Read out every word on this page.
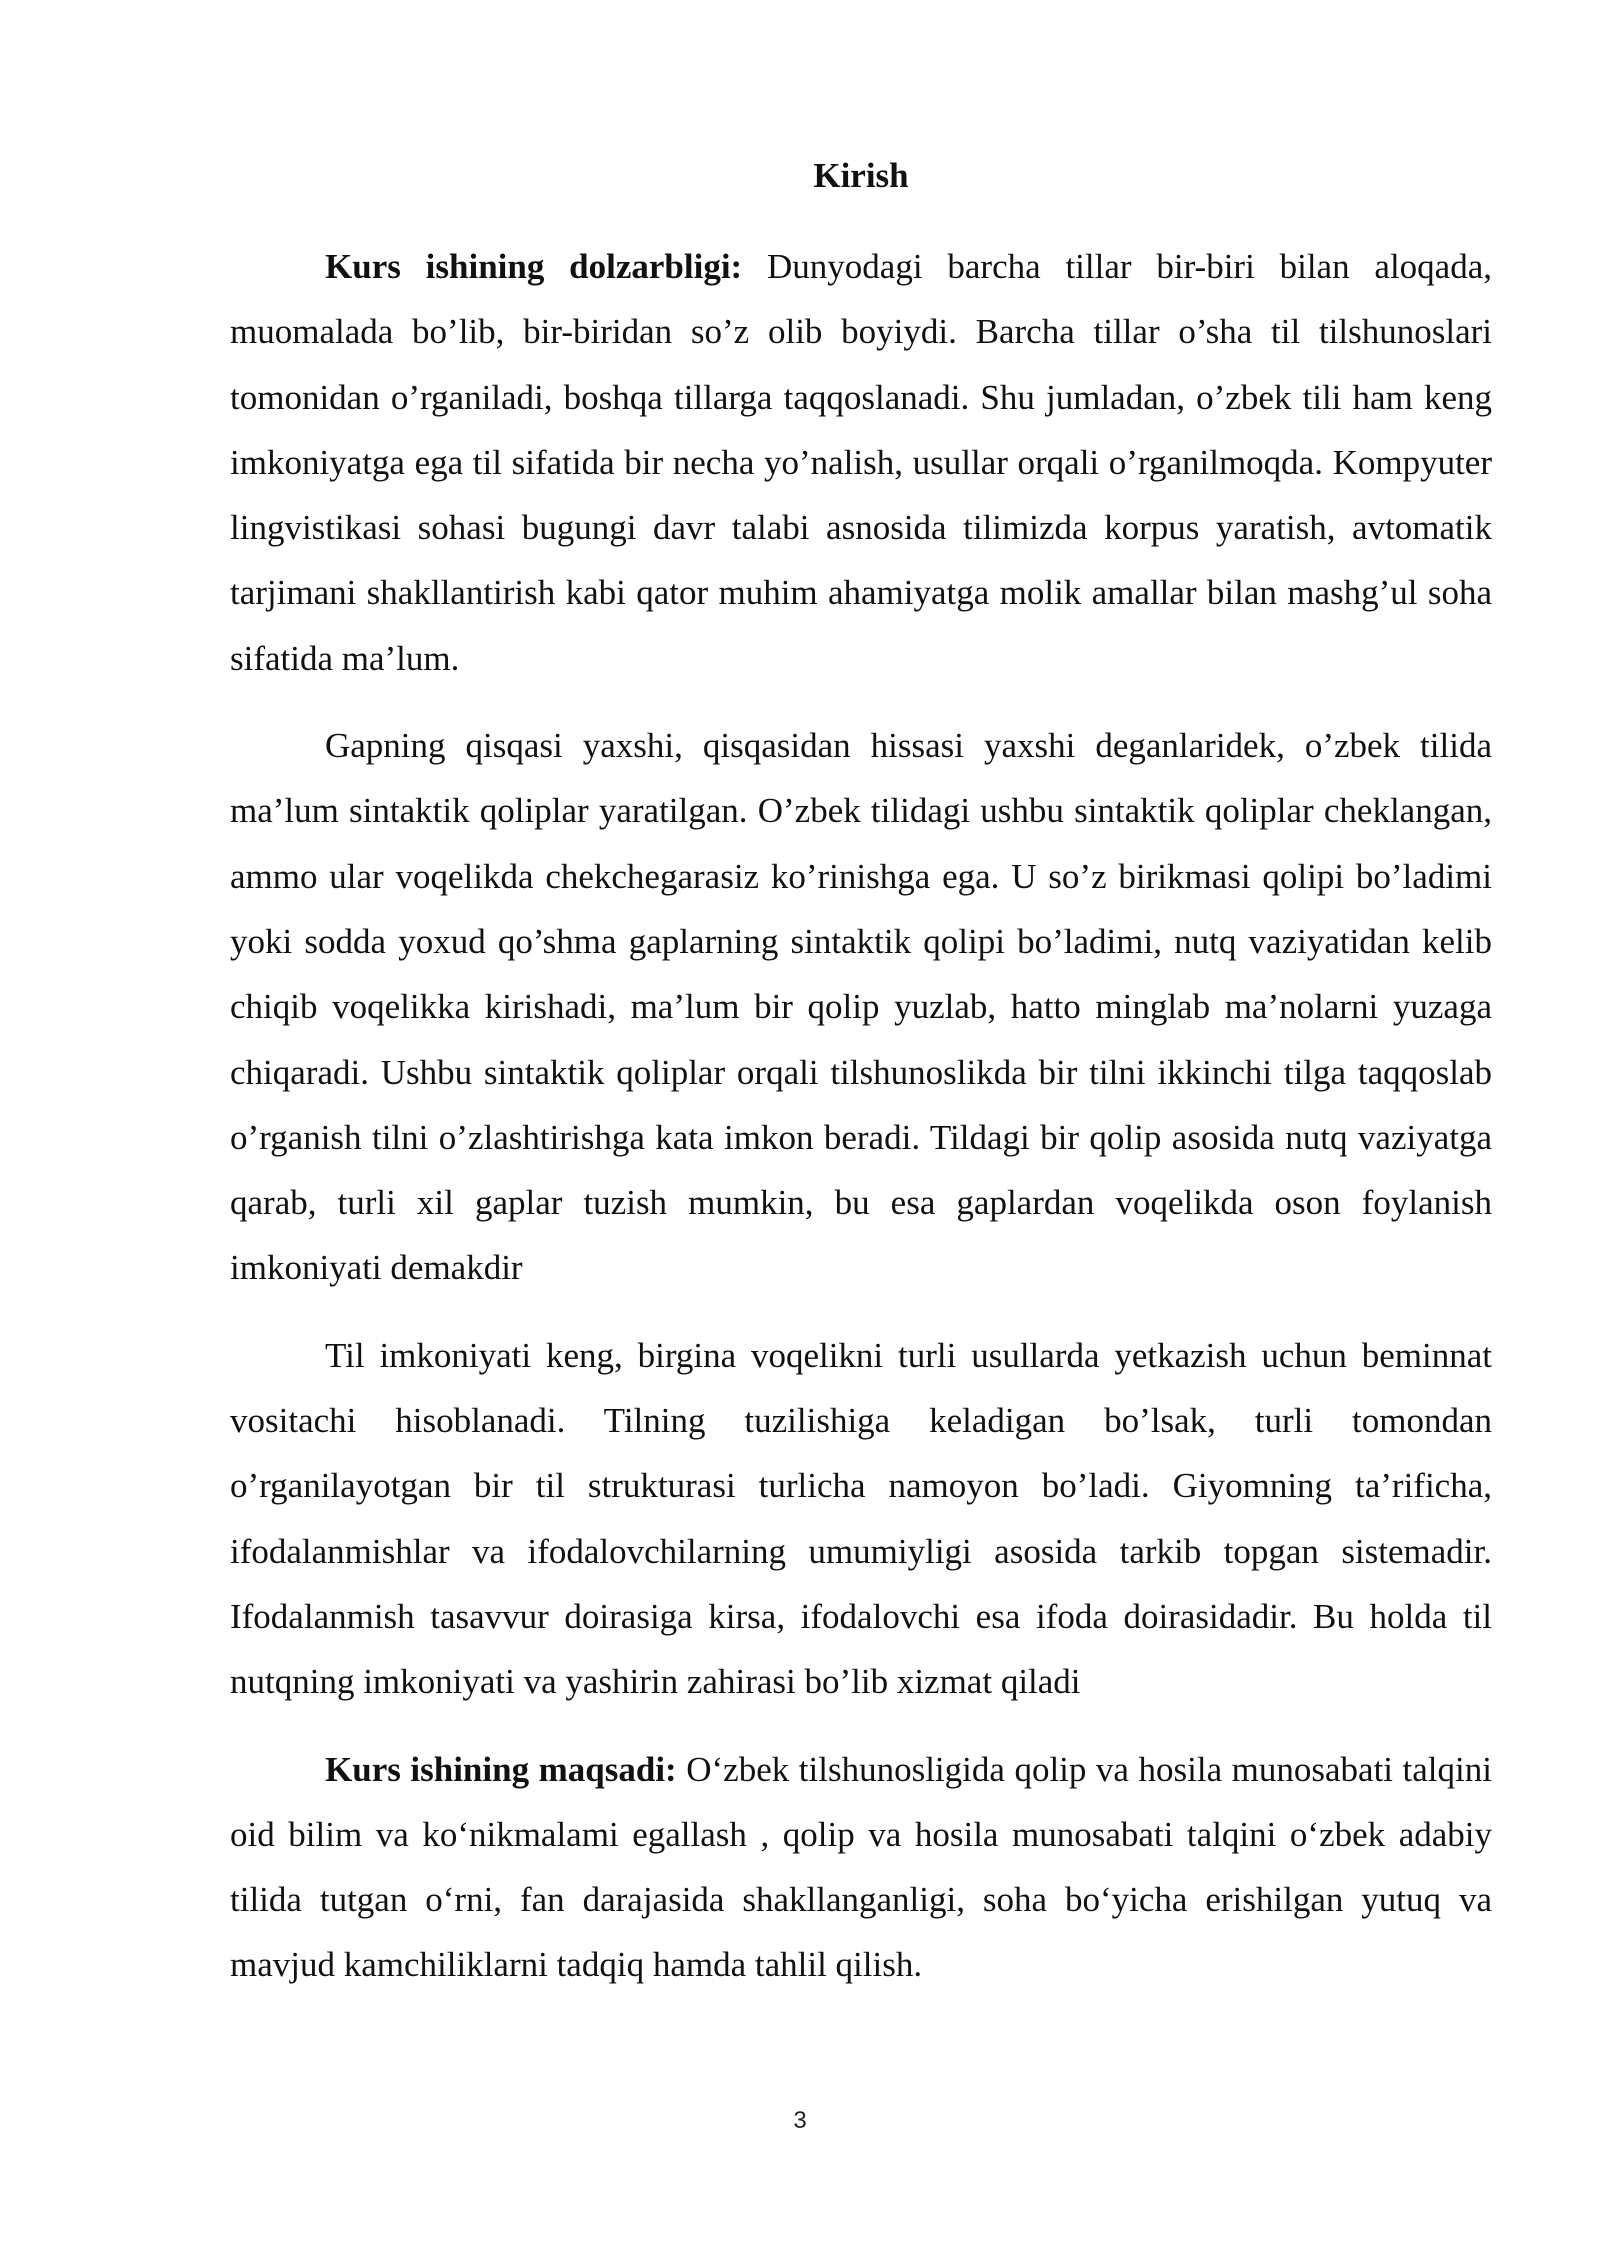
Kirish

Kurs ishining dolzarbligi: Dunyodagi barcha tillar bir-biri bilan aloqada, muomalada bo’lib, bir-biridan so’z olib boyiydi. Barcha tillar o’sha til tilshunoslari tomonidan o’rganiladi, boshqa tillarga taqqoslanadi. Shu jumladan, o’zbek tili ham keng imkoniyatga ega til sifatida bir necha yo’nalish, usullar orqali o’rganilmoqda. Kompyuter lingvistikasi sohasi bugungi davr talabi asnosida tilimizda korpus yaratish, avtomatik tarjimani shakllantirish kabi qator muhim ahamiyatga molik amallar bilan mashg’ul soha sifatida ma’lum.

Gapning qisqasi yaxshi, qisqasidan hissasi yaxshi deganlaridek, o’zbek tilida ma’lum sintaktik qoliplar yaratilgan. O’zbek tilidagi ushbu sintaktik qoliplar cheklangan, ammo ular voqelikda chekchegarasiz ko’rinishga ega. U so’z birikmasi qolipi bo’ladimi yoki sodda yoxud qo’shma gaplarning sintaktik qolipi bo’ladimi, nutq vaziyatidan kelib chiqib voqelikka kirishadi, ma’lum bir qolip yuzlab, hatto minglab ma’nolarni yuzaga chiqaradi. Ushbu sintaktik qoliplar orqali tilshunoslikda bir tilni ikkinchi tilga taqqoslab o’rganish tilni o’zlashtirishga kata imkon beradi. Tildagi bir qolip asosida nutq vaziyatga qarab, turli xil gaplar tuzish mumkin, bu esa gaplardan voqelikda oson foylanish imkoniyati demakdir

Til imkoniyati keng, birgina voqelikni turli usullarda yetkazish uchun beminnat vositachi hisoblanadi. Tilning tuzilishiga keladigan bo’lsak, turli tomondan o’rganilayotgan bir til strukturasi turlicha namoyon bo’ladi. Giyomning ta’rificha, ifodalanmishlar va ifodalovchilarning umumiyligi asosida tarkib topgan sistemadir. Ifodalanmish tasavvur doirasiga kirsa, ifodalovchi esa ifoda doirasidadir. Bu holda til nutqning imkoniyati va yashirin zahirasi bo’lib xizmat qiladi

Kurs ishining maqsadi: O‘zbek tilshunosligida qolip va hosila munosabati talqini oid bilim va ko‘nikmalami egallash , qolip va hosila munosabati talqini o‘zbek adabiy tilida tutgan o‘rni, fan darajasida shakllanganligi, soha bo‘yicha erishilgan yutuq va mavjud kamchiliklarni tadqiq hamda tahlil qilish.

3
